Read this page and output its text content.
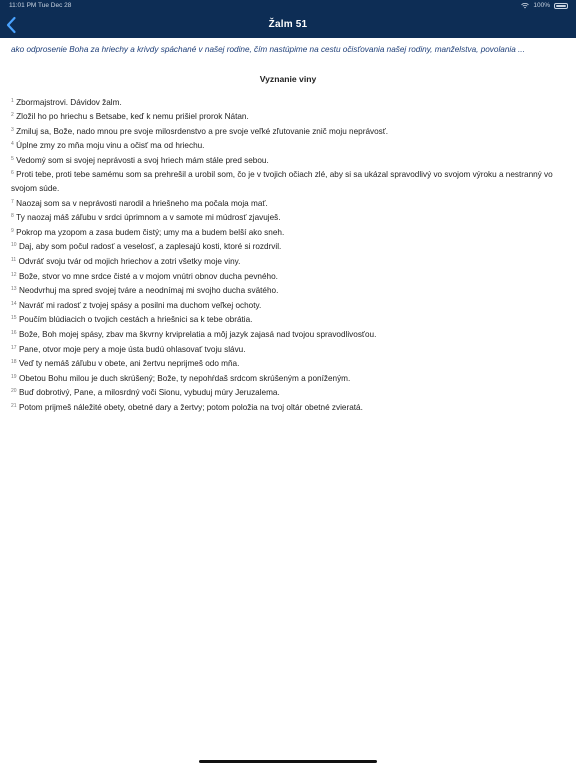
11:01 PM Tue Dec 28	100%
Žalm 51

ako odprosenie Boha za hriechy a krivdy spáchané v našej rodine, čím nastúpime na cestu očisťovania našej rodiny, manželstva, povolania ...

Vyznanie viny

$^1$ Zbormajstrovi. Dávidov žalm.

$^2$ Zložil ho po hriechu s Betsabe, keď k nemu prišiel prorok Nátan.

$^3$ Zmiluj sa, Bože, nado mnou pre svoje milosrdenstvo a pre svoje veľké zľutovanie znič moju neprávosť.

$^4$ Úplne zmy zo mňa moju vinu a očisť ma od hriechu.

$^5$ Vedomý som si svojej neprávosti a svoj hriech mám stále pred sebou.

$^6$ Proti tebe, proti tebe samému som sa prehrešil a urobil som, čo je v tvojich očiach zlé, aby si sa ukázal spravodlivý vo svojom výroku a nestranný vo svojom súde.

$^7$ Naozaj som sa v neprávosti narodil a hriešneho ma počala moja mať.

$^8$ Ty naozaj máš záľubu v srdci úprimnom a v samote mi múdrosť zjavuješ.

$^9$ Pokrop ma yzopom a zasa budem čistý; umy ma a budem belší ako sneh.

$^{10}$ Daj, aby som počul radosť a veselosť, a zaplesajú kosti, ktoré si rozdrvil.

$^{11}$ Odvráť svoju tvár od mojich hriechov a zotri všetky moje viny.

$^{12}$ Bože, stvor vo mne srdce čisté a v mojom vnútri obnov ducha pevného.

$^{13}$ Neodvrhuj ma spred svojej tváre a neodnímaj mi svojho ducha svätého.

$^{14}$ Navráť mi radosť z tvojej spásy a posilni ma duchom veľkej ochoty.

$^{15}$ Poučím blúdiacich o tvojich cestách a hriešnici sa k tebe obrátia.

$^{16}$ Bože, Boh mojej spásy, zbav ma škvrny krviprelatia a môj jazyk zajasá nad tvojou spravodlivosťou.

$^{17}$ Pane, otvor moje pery a moje ústa budú ohlasovať tvoju slávu.

$^{18}$ Veď ty nemáš záľubu v obete, ani žertvu neprijmeš odo mňa.

$^{19}$ Obetou Bohu milou je duch skrúšený; Bože, ty nepohŕdaš srdcom skrúšeným a poníženým.

$^{20}$ Buď dobrotivý, Pane, a milosrdný voči Sionu, vybuduj múry Jeruzalema.

$^{21}$ Potom prijmeš náležité obety, obetné dary a žertvy; potom položia na tvoj oltár obetné zvieratá.
